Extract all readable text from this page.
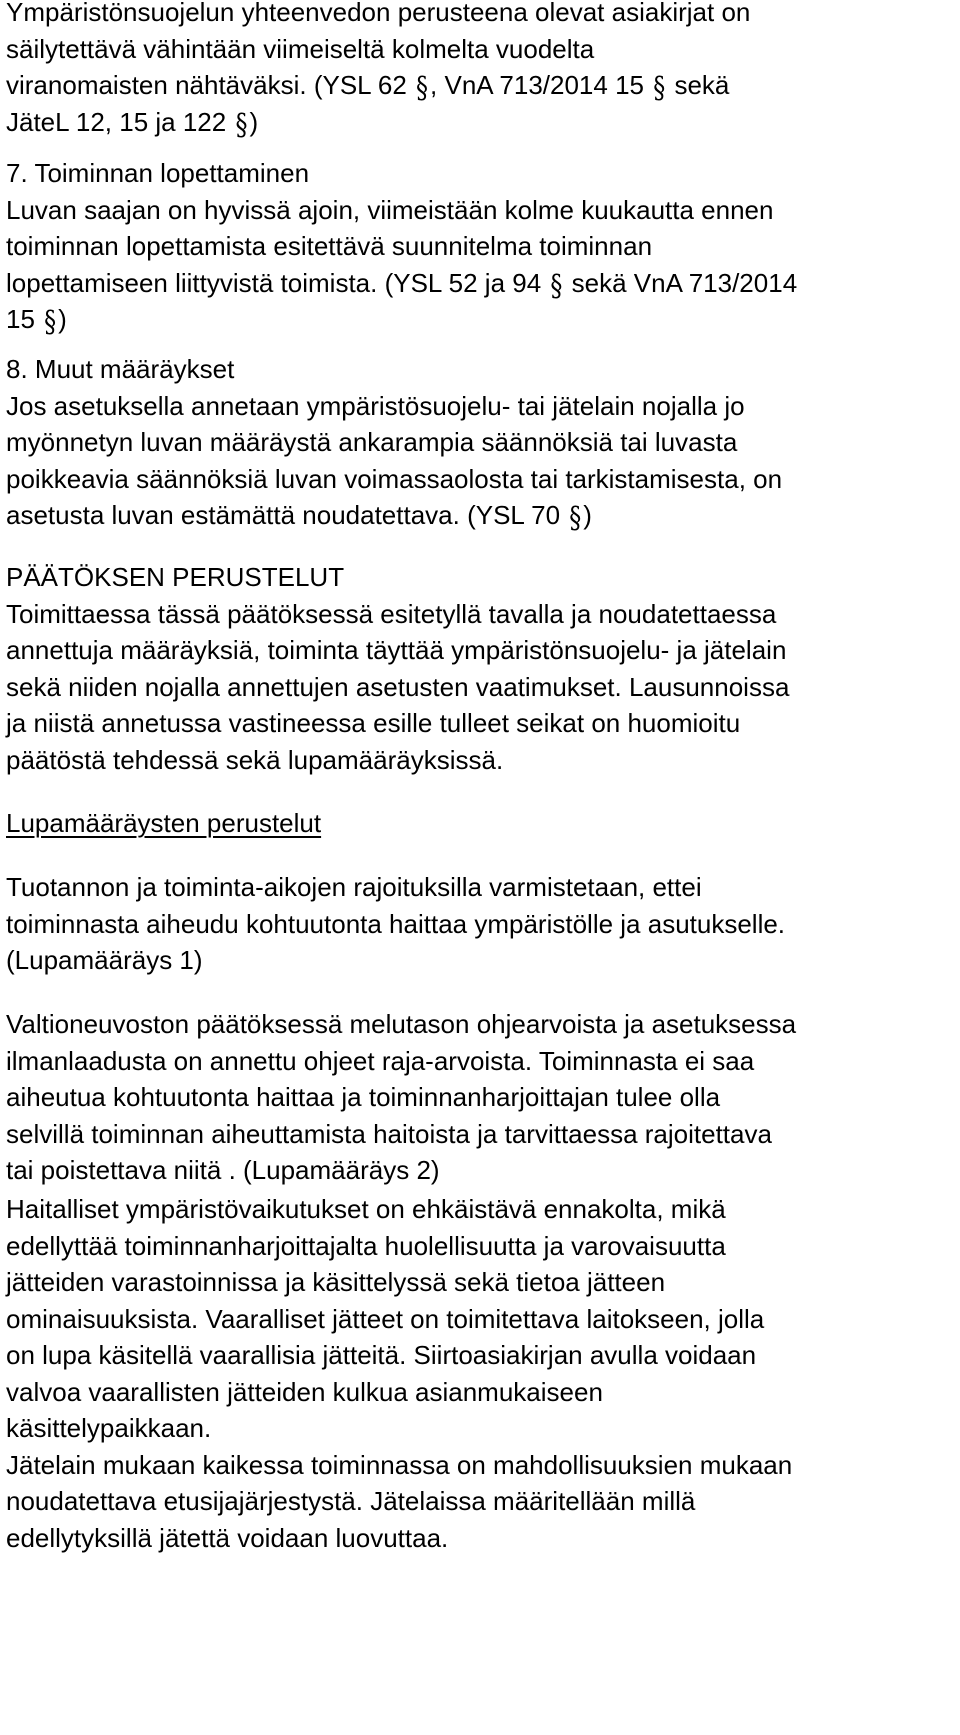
Ympäristönsuojelun yhteenvedon perusteena olevat asiakirjat on
säilytettävä vähintään viimeiseltä kolmelta vuodelta
viranomaisten nähtäväksi. (YSL 62 §, VnA 713/2014 15 § sekä
JäteL 12, 15 ja 122 §)
7. Toiminnan lopettaminen
Luvan saajan on hyvissä ajoin, viimeistään kolme kuukautta ennen
toiminnan lopettamista esitettävä suunnitelma toiminnan
lopettamiseen liittyvistä toimista. (YSL 52 ja 94 § sekä VnA 713/2014
15 §)
8. Muut määräykset
Jos asetuksella annetaan ympäristösuojelu- tai jätelain nojalla jo
myönnetyn luvan määräystä ankarampia säännöksiä tai luvasta
poikkeavia säännöksiä luvan voimassaolosta tai tarkistamisesta, on
asetusta luvan estämättä noudatettava. (YSL 70 §)
PÄÄTÖKSEN PERUSTELUT
Toimittaessa tässä päätöksessä esitetyllä tavalla ja noudatettaessa
annettuja määräyksiä, toiminta täyttää ympäristönsuojelu- ja jätelain
sekä niiden nojalla annettujen asetusten vaatimukset. Lausunnoissa
ja niistä annetussa vastineessa esille tulleet seikat on huomioitu
päätöstä tehdessä sekä lupamääräyksissä.
Lupamääräysten perustelut
Tuotannon ja toiminta-aikojen rajoituksilla varmistetaan, ettei
toiminnasta aiheudu kohtuutonta haittaa ympäristölle ja asutukselle.
(Lupamääräys 1)
Valtioneuvoston päätöksessä melutason ohjearvoista ja asetuksessa
ilmanlaadusta on annettu ohjeet raja-arvoista. Toiminnasta ei saa
aiheutua kohtuutonta haittaa ja toiminnanharjoittajan tulee olla
selvillä toiminnan aiheuttamista haitoista ja tarvittaessa rajoitettava
tai poistettava niitä . (Lupamääräys 2)
Haitalliset ympäristövaikutukset on ehkäistävä ennakolta, mikä
edellyttää toiminnanharjoittajalta huolellisuutta ja varovaisuutta
jätteiden varastoinnissa ja käsittelyssä sekä tietoa jätteen
ominaisuuksista. Vaaralliset jätteet on toimitettava laitokseen, jolla
on lupa käsitellä vaarallisia jätteitä. Siirtoasiakirjan avulla voidaan
valvoa vaarallisten jätteiden kulkua asianmukaiseen
käsittelypaikkaan.
Jätelain mukaan kaikessa toiminnassa on mahdollisuuksien mukaan
noudatettava etusijajärjestystä. Jätelaissa määritellään millä
edellytyksillä jätettä voidaan luovuttaa.
